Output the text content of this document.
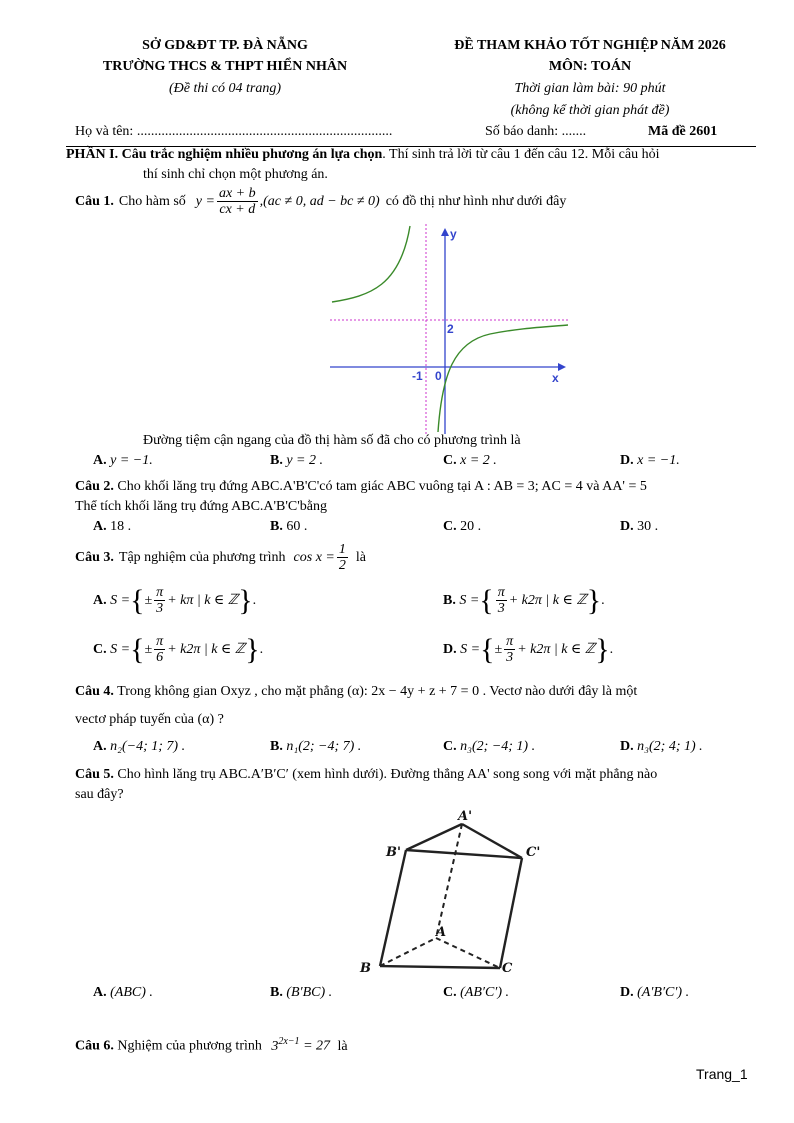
SỞ GD&ĐT TP. ĐÀ NẴNG
TRƯỜNG THCS & THPT HIỂN NHÂN
(Đề thi có 04 trang)
ĐỀ THAM KHẢO TỐT NGHIỆP NĂM 2026
MÔN: TOÁN
Thời gian làm bài: 90 phút
(không kể thời gian phát đề)
Họ và tên: .........................................................................	Số báo danh: .......	Mã đề 2601
PHẦN I. Câu trắc nghiệm nhiều phương án lựa chọn. Thí sinh trả lời từ câu 1 đến câu 12. Mỗi câu hỏi
thí sinh chỉ chọn một phương án.
Câu 1. Cho hàm số $y = \frac{ax + b}{cx + d} ,(ac \ne 0$, ad − bc ≠ 0) có đồ thị như hình như dưới đây
y
x
2
-1 0
Đường tiệm cận ngang của đồ thị hàm số đã cho có phương trình là
A. y = −1.	B. y = 2 .	C. x = 2 .	D. x = −1.
Câu 2. Cho khối lăng trụ đứng ABC.A'B'C'có tam giác ABC vuông tại A : AB = 3; AC = 4 và AA' = 5
Thể tích khối lăng trụ đứng ABC.A'B'C'bằng
A. 18 .	B. 60 .	C. 20 .	D. 30 .
Câu 3. Tập nghiệm của phương trình $\cos x = \frac{1}{2}$ là
A.
S = { ± $\frac{\pi}{3} + k\pi$ | k ∈ ℤ } .	B.
S = { $\frac{\pi}{3} + k2\pi$ | k ∈ ℤ } .
C.
S = { ± $\frac{\pi}{6} + k2\pi$ | k ∈ ℤ } .	D.
S = { ± $\frac{\pi}{3} + k2\pi$ | k ∈ ℤ } .
Câu 4. Trong không gian Oxyz , cho mặt phẳng (α): 2x − 4y + z + 7 = 0 . Vectơ nào dưới đây là một
vectơ pháp tuyến của (α) ?
A. n₂(−4; 1; 7) .	B. n₁(2; −4; 7) .	C. n₃(2; −4; 1) .	D. n₃(2; 4; 1) .
Câu 5. Cho hình lăng trụ ABC.A′B′C′ (xem hình dưới). Đường thẳng AA' song song với mặt phẳng nào
sau đây?
A'
B'	C'
A
B	C
A. (ABC) .	B. (B′BC) .	C. (AB′C′) .	D. (A′B′C′) .
Câu 6. Nghiệm của phương trình $3^{2x-1} = 27$ là
Trang_1
